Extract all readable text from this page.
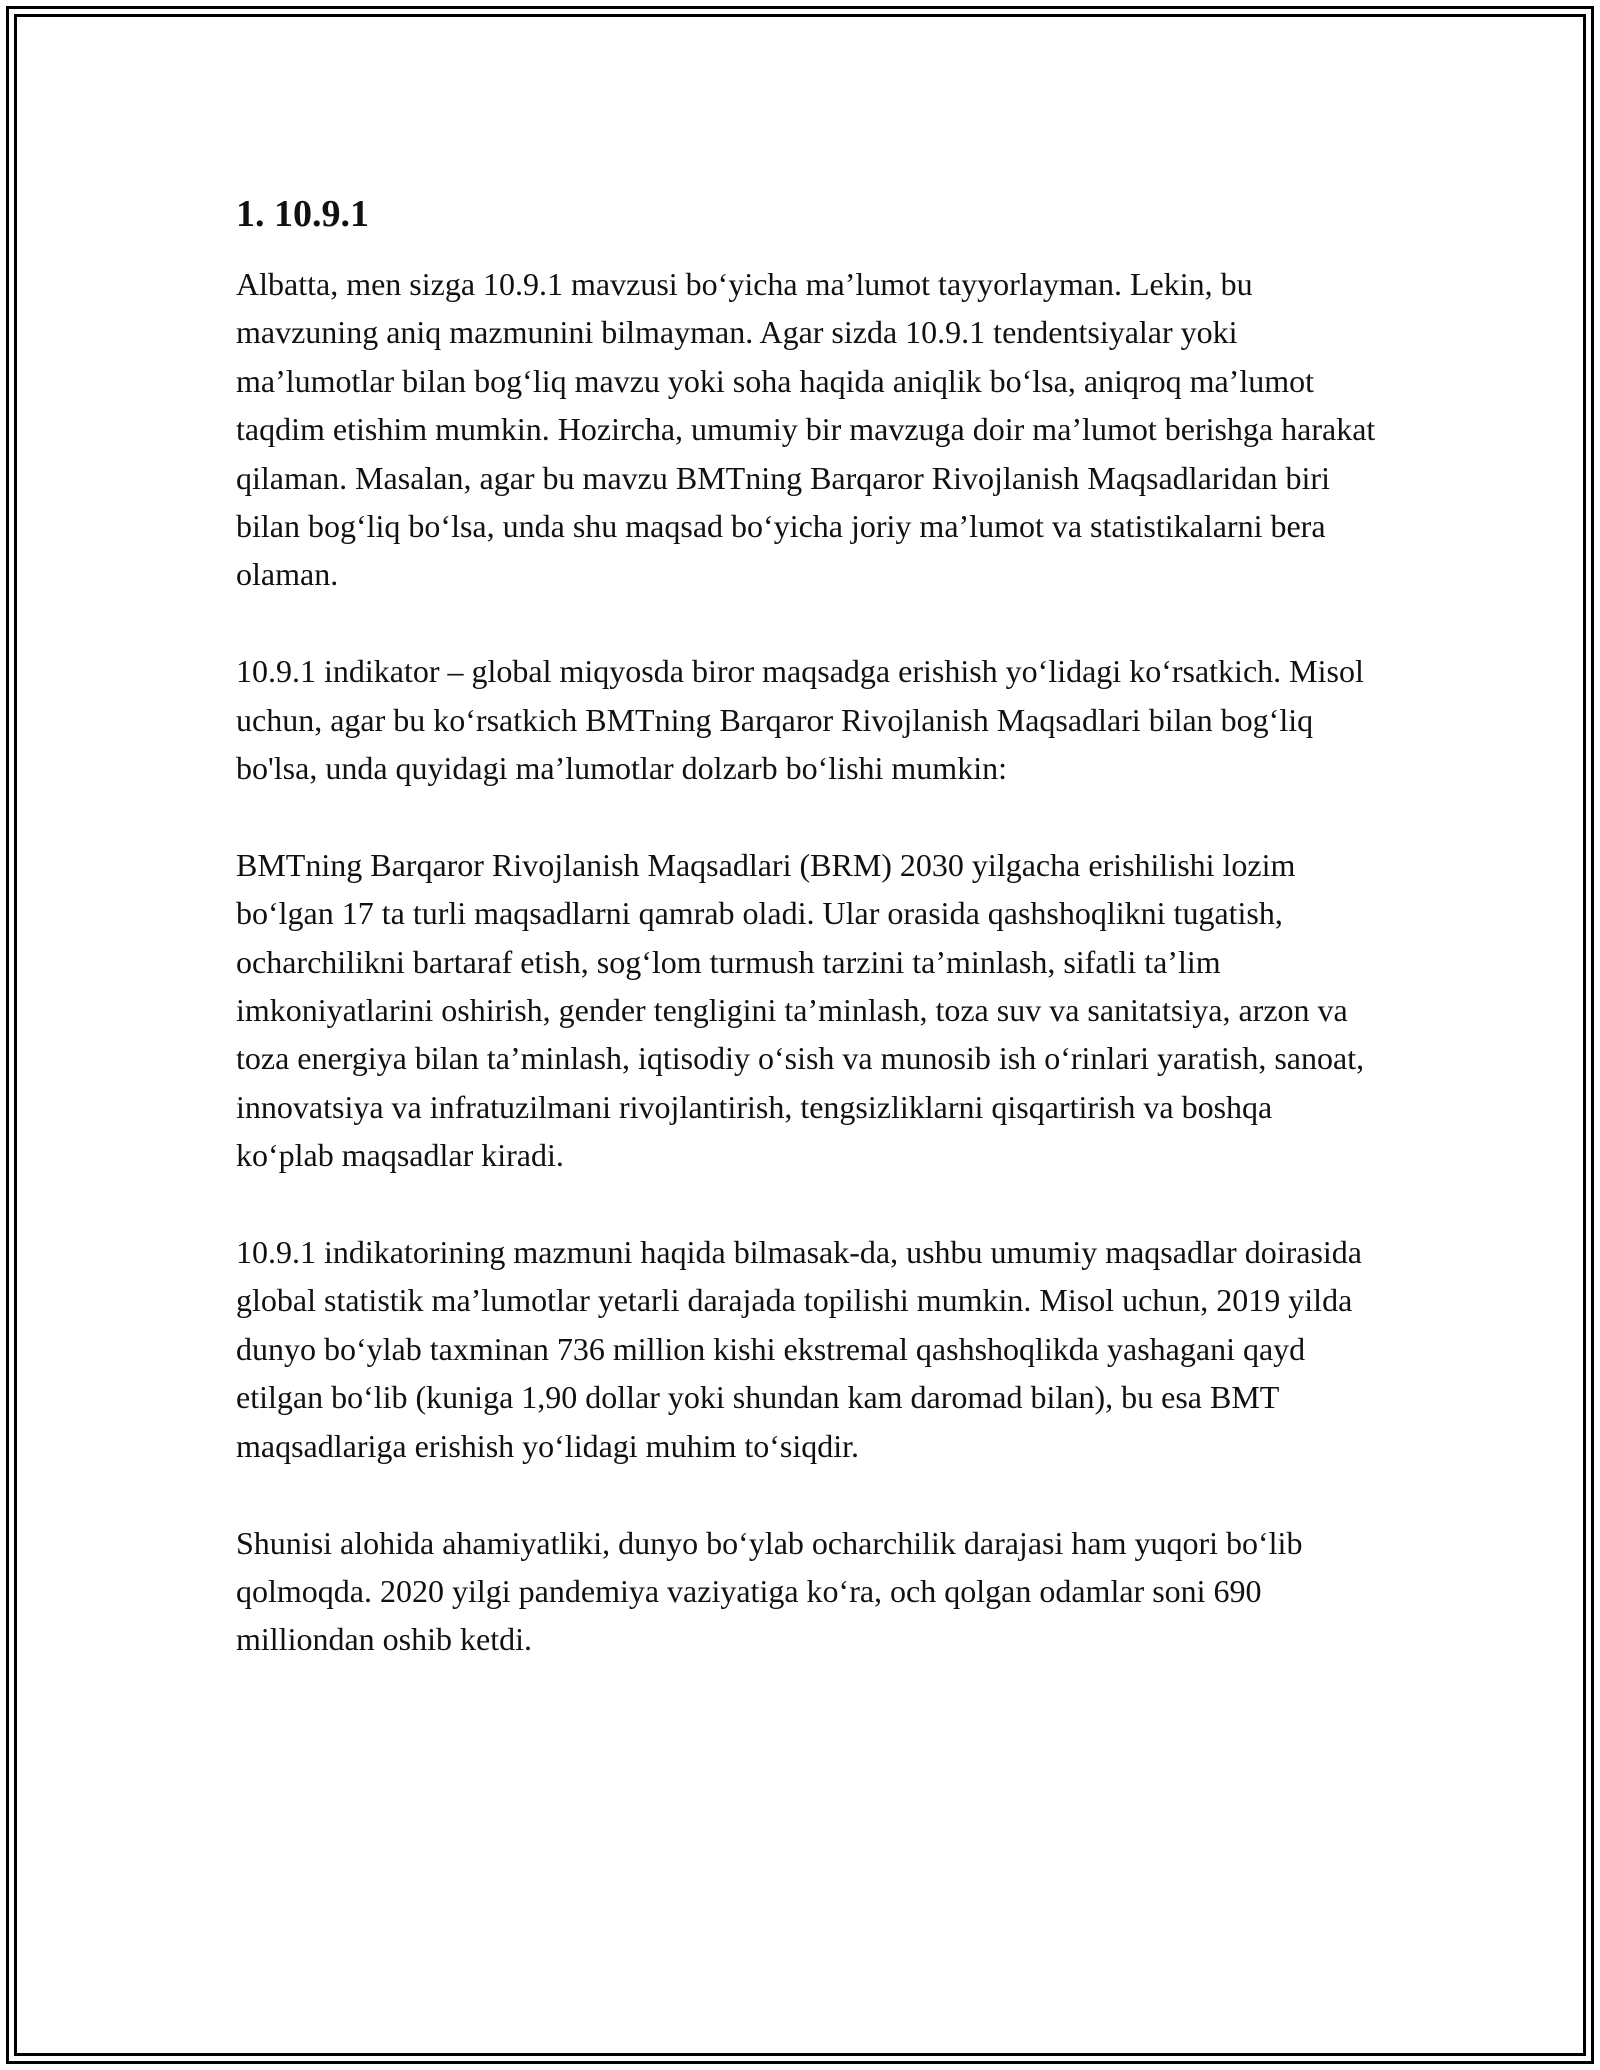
1. 10.9.1

Albatta, men sizga 10.9.1 mavzusi bo‘yicha ma’lumot tayyorlayman. Lekin, bu mavzuning aniq mazmunini bilmayman. Agar sizda 10.9.1 tendentsiyalar yoki ma’lumotlar bilan bog‘liq mavzu yoki soha haqida aniqlik bo‘lsa, aniqroq ma’lumot taqdim etishim mumkin. Hozircha, umumiy bir mavzuga doir ma’lumot berishga harakat qilaman. Masalan, agar bu mavzu BMTning Barqaror Rivojlanish Maqsadlaridan biri bilan bog‘liq bo‘lsa, unda shu maqsad bo‘yicha joriy ma’lumot va statistikalarni bera olaman.

10.9.1 indikator – global miqyosda biror maqsadga erishish yo‘lidagi ko‘rsatkich. Misol uchun, agar bu ko‘rsatkich BMTning Barqaror Rivojlanish Maqsadlari bilan bog‘liq bo'lsa, unda quyidagi ma’lumotlar dolzarb bo‘lishi mumkin:

BMTning Barqaror Rivojlanish Maqsadlari (BRM) 2030 yilgacha erishilishi lozim bo‘lgan 17 ta turli maqsadlarni qamrab oladi. Ular orasida qashshoqlikni tugatish, ocharchilikni bartaraf etish, sog‘lom turmush tarzini ta’minlash, sifatli ta’lim imkoniyatlarini oshirish, gender tengligini ta’minlash, toza suv va sanitatsiya, arzon va toza energiya bilan ta’minlash, iqtisodiy o‘sish va munosib ish o‘rinlari yaratish, sanoat, innovatsiya va infratuzilmani rivojlantirish, tengsizliklarni qisqartirish va boshqa ko‘plab maqsadlar kiradi.

10.9.1 indikatorining mazmuni haqida bilmasak-da, ushbu umumiy maqsadlar doirasida global statistik ma’lumotlar yetarli darajada topilishi mumkin. Misol uchun, 2019 yilda dunyo bo‘ylab taxminan 736 million kishi ekstremal qashshoqlikda yashagani qayd etilgan bo‘lib (kuniga 1,90 dollar yoki shundan kam daromad bilan), bu esa BMT maqsadlariga erishish yo‘lidagi muhim to‘siqdir.

Shunisi alohida ahamiyatliki, dunyo bo‘ylab ocharchilik darajasi ham yuqori bo‘lib qolmoqda. 2020 yilgi pandemiya vaziyatiga ko‘ra, och qolgan odamlar soni 690 milliondan oshib ketdi.
